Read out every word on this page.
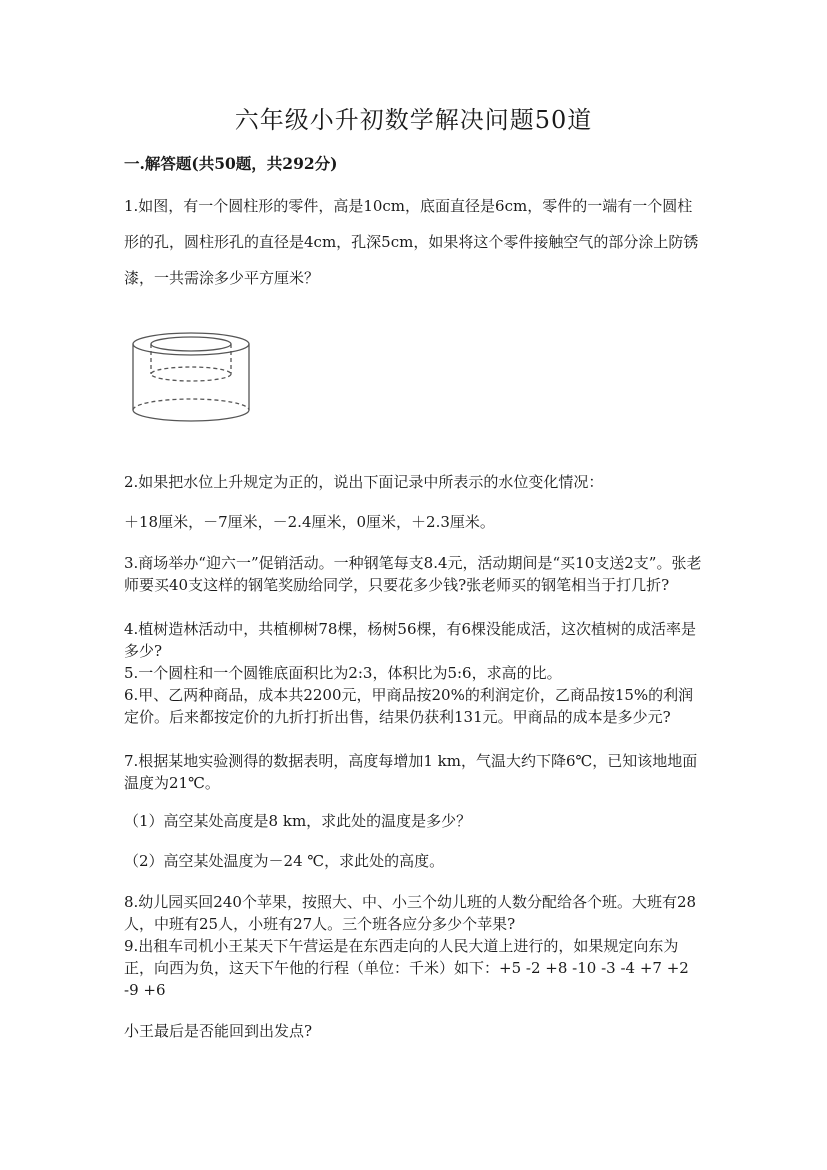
六年级小升初数学解决问题50道
一.解答题(共50题，共292分)

1.如图，有一个圆柱形的零件，高是10cm，底面直径是6cm，零件的一端有一个圆柱形的孔，圆柱形孔的直径是4cm，孔深5cm，如果将这个零件接触空气的部分涂上防锈漆，一共需涂多少平方厘米？

2.如果把水位上升规定为正的，说出下面记录中所表示的水位变化情况：

＋18厘米，－7厘米，－2.4厘米，0厘米，＋2.3厘米。

3.商场举办“迎六一”促销活动。一种钢笔每支8.4元，活动期间是“买10支送2支”。张老师要买40支这样的钢笔奖励给同学，只要花多少钱?张老师买的钢笔相当于打几折?

4.植树造林活动中，共植柳树78棵，杨树56棵，有6棵没能成活，这次植树的成活率是多少?

5.一个圆柱和一个圆锥底面积比为2:3，体积比为5:6，求高的比。

6.甲、乙两种商品，成本共2200元，甲商品按20%的利润定价，乙商品按15%的利润定价。后来都按定价的九折打折出售，结果仍获利131元。甲商品的成本是多少元?

7.根据某地实验测得的数据表明，高度每增加1 km，气温大约下降6℃，已知该地地面温度为21℃。

（1）高空某处高度是8 km，求此处的温度是多少？

（2）高空某处温度为－24 ℃，求此处的高度。

8.幼儿园买回240个苹果，按照大、中、小三个幼儿班的人数分配给各个班。大班有28人，中班有25人，小班有27人。三个班各应分多少个苹果?

9.出租车司机小王某天下午营运是在东西走向的人民大道上进行的，如果规定向东为正，向西为负，这天下午他的行程（单位：千米）如下：+5 -2 +8 -10 -3 -4 +7 +2 -9 +6

小王最后是否能回到出发点?
